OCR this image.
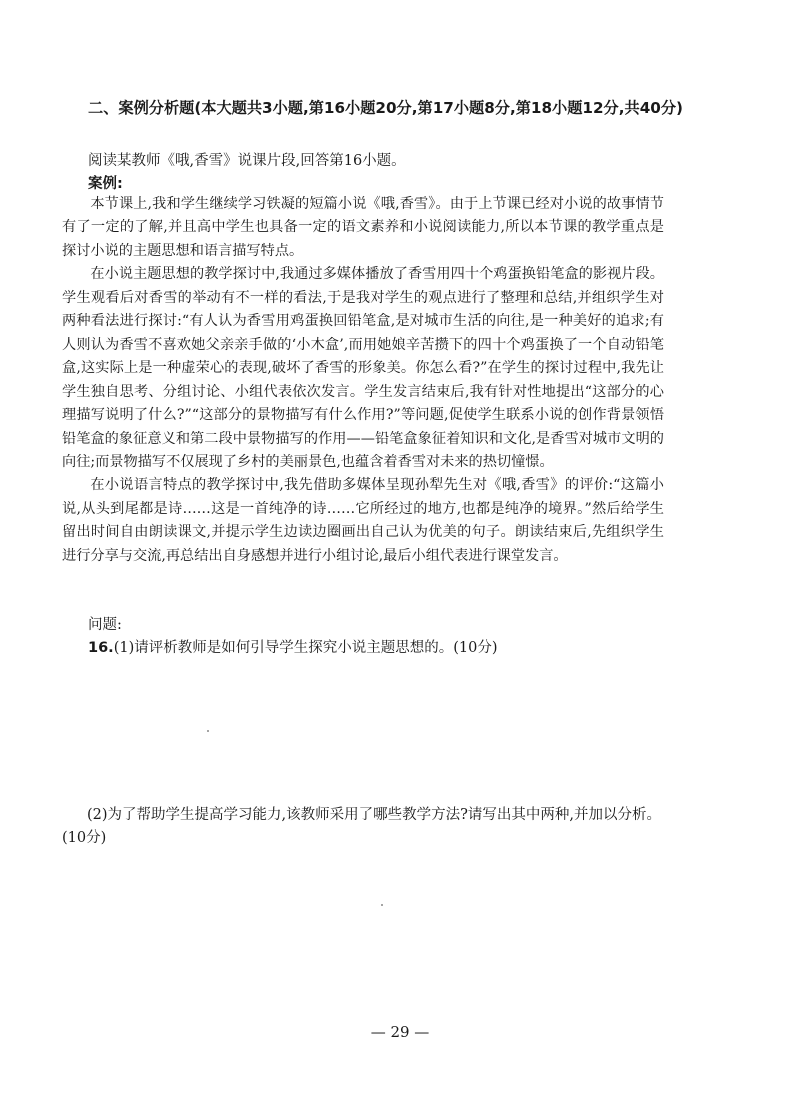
二、案例分析题(本大题共3小题,第16小题20分,第17小题8分,第18小题12分,共40分)
阅读某教师《哦,香雪》说课片段,回答第16小题。
案例:

本节课上,我和学生继续学习铁凝的短篇小说《哦,香雪》。由于上节课已经对小说的故事情节有了一定的了解,并且高中学生也具备一定的语文素养和小说阅读能力,所以本节课的教学重点是探讨小说的主题思想和语言描写特点。

在小说主题思想的教学探讨中,我通过多媒体播放了香雪用四十个鸡蛋换铅笔盒的影视片段。学生观看后对香雪的举动有不一样的看法,于是我对学生的观点进行了整理和总结,并组织学生对两种看法进行探讨:“有人认为香雪用鸡蛋换回铅笔盒,是对城市生活的向往,是一种美好的追求;有人则认为香雪不喜欢她父亲亲手做的‘小木盒’,而用她娘辛苦攒下的四十个鸡蛋换了一个自动铅笔盒,这实际上是一种虚荣心的表现,破坏了香雪的形象美。你怎么看?”在学生的探讨过程中,我先让学生独自思考、分组讨论、小组代表依次发言。学生发言结束后,我有针对性地提出“这部分的心理描写说明了什么?”“这部分的景物描写有什么作用?”等问题,促使学生联系小说的创作背景领悟铅笔盒的象征意义和第二段中景物描写的作用——铅笔盒象征着知识和文化,是香雪对城市文明的向往;而景物描写不仅展现了乡村的美丽景色,也蕴含着香雪对未来的热切憧憬。

在小说语言特点的教学探讨中,我先借助多媒体呈现孙犁先生对《哦,香雪》的评价:“这篇小说,从头到尾都是诗……这是一首纯净的诗……它所经过的地方,也都是纯净的境界。”然后给学生留出时间自由朗读课文,并提示学生边读边圈画出自己认为优美的句子。朗读结束后,先组织学生进行分享与交流,再总结出自身感想并进行小组讨论,最后小组代表进行课堂发言。

问题:
16.(1)请评析教师是如何引导学生探究小说主题思想的。(10分)
(2)为了帮助学生提高学习能力,该教师采用了哪些教学方法?请写出其中两种,并加以分析。(10分)
— 29 —
